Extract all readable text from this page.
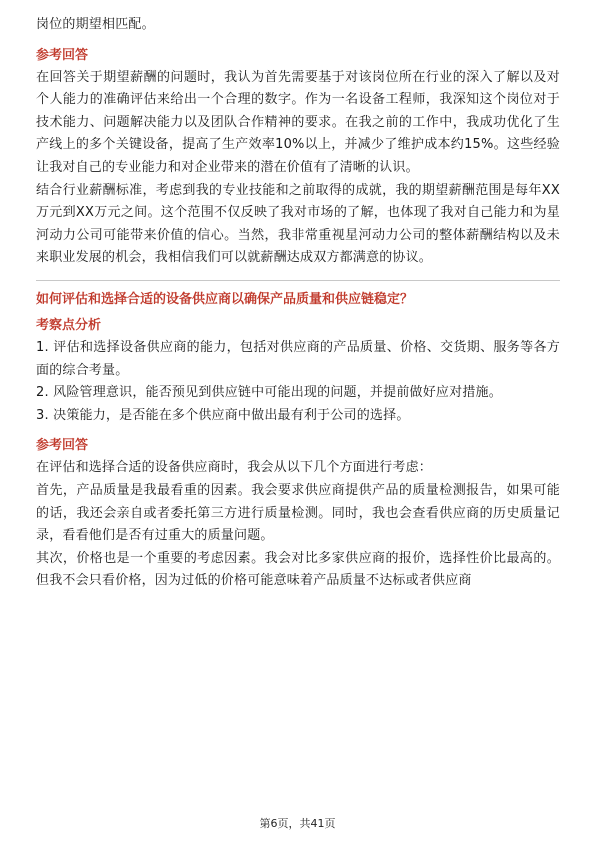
岗位的期望相匹配。

参考回答

在回答关于期望薪酬的问题时，我认为首先需要基于对该岗位所在行业的深入了解以及对个人能力的准确评估来给出一个合理的数字。作为一名设备工程师，我深知这个岗位对于技术能力、问题解决能力以及团队合作精神的要求。在我之前的工作中，我成功优化了生产线上的多个关键设备，提高了生产效率10%以上，并减少了维护成本约15%。这些经验让我对自己的专业能力和对企业带来的潜在价值有了清晰的认识。

结合行业薪酬标准，考虑到我的专业技能和之前取得的成就，我的期望薪酬范围是每年XX万元到XX万元之间。这个范围不仅反映了我对市场的了解，也体现了我对自己能力和为星河动力公司可能带来价值的信心。当然，我非常重视星河动力公司的整体薪酬结构以及未来职业发展的机会，我相信我们可以就薪酬达成双方都满意的协议。

如何评估和选择合适的设备供应商以确保产品质量和供应链稳定？

考察点分析

1. 评估和选择设备供应商的能力，包括对供应商的产品质量、价格、交货期、服务等各方面的综合考量。

2. 风险管理意识，能否预见到供应链中可能出现的问题，并提前做好应对措施。

3. 决策能力，是否能在多个供应商中做出最有利于公司的选择。

参考回答

在评估和选择合适的设备供应商时，我会从以下几个方面进行考虑：

首先，产品质量是我最看重的因素。我会要求供应商提供产品的质量检测报告，如果可能的话，我还会亲自或者委托第三方进行质量检测。同时，我也会查看供应商的历史质量记录，看看他们是否有过重大的质量问题。

其次，价格也是一个重要的考虑因素。我会对比多家供应商的报价，选择性价比最高的。但我不会只看价格，因为过低的价格可能意味着产品质量不达标或者供应商

第6页，共41页
